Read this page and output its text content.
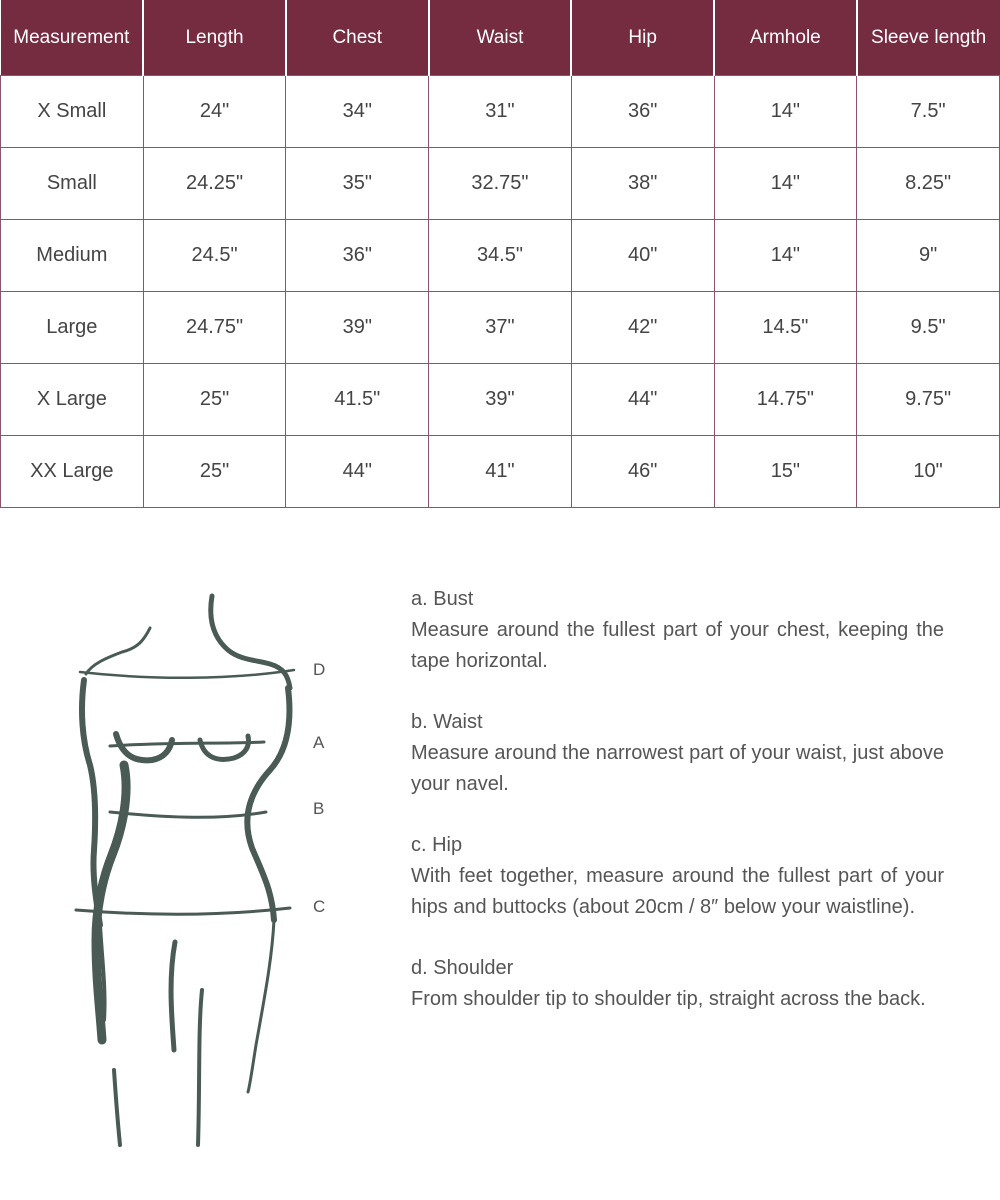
Measurement	Length	Chest	Waist	Hip	Armhole	Sleeve length
X Small	24"	34"	31"	36"	14"	7.5"
Small	24.25"	35"	32.75"	38"	14"	8.25"
Medium	24.5"	36"	34.5"	40"	14"	9"
Large	24.75"	39"	37"	42"	14.5"	9.5"
X Large	25"	41.5"	39"	44"	14.75"	9.75"
XX Large	25"	44"	41"	46"	15"	10"
D
A
B
C
a. Bust
Measure around the fullest part of your chest, keeping the tape horizontal.
b. Waist
Measure around the narrowest part of your waist, just above your navel.
c. Hip
With feet together, measure around the fullest part of your hips and buttocks (about 20cm / 8″ below your waistline).
d. Shoulder
From shoulder tip to shoulder tip, straight across the back.
